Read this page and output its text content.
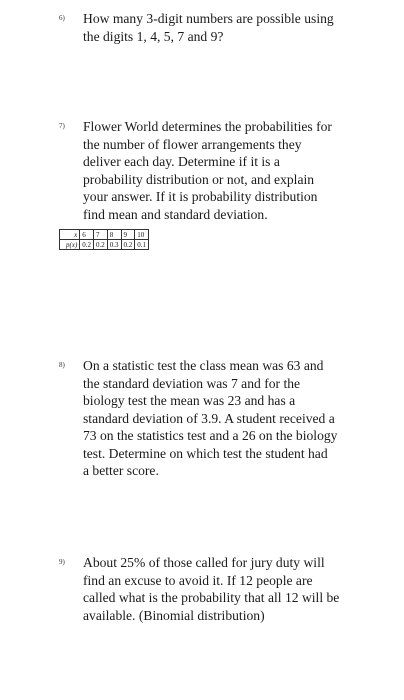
6) How many 3-digit numbers are possible using
the digits 1, 4, 5, 7 and 9?
7) Flower World determines the probabilities for
the number of flower arrangements they
deliver each day. Determine if it is a
probability distribution or not, and explain
your answer. If it is probability distribution
find mean and standard deviation.
x	6	7	8	9	10
p(x)	0.2	0.2	0.3	0.2	0.1
8) On a statistic test the class mean was 63 and
the standard deviation was 7 and for the
biology test the mean was 23 and has a
standard deviation of 3.9. A student received a
73 on the statistics test and a 26 on the biology
test. Determine on which test the student had
a better score.
9) About 25% of those called for jury duty will
find an excuse to avoid it. If 12 people are
called what is the probability that all 12 will be
available. (Binomial distribution)
